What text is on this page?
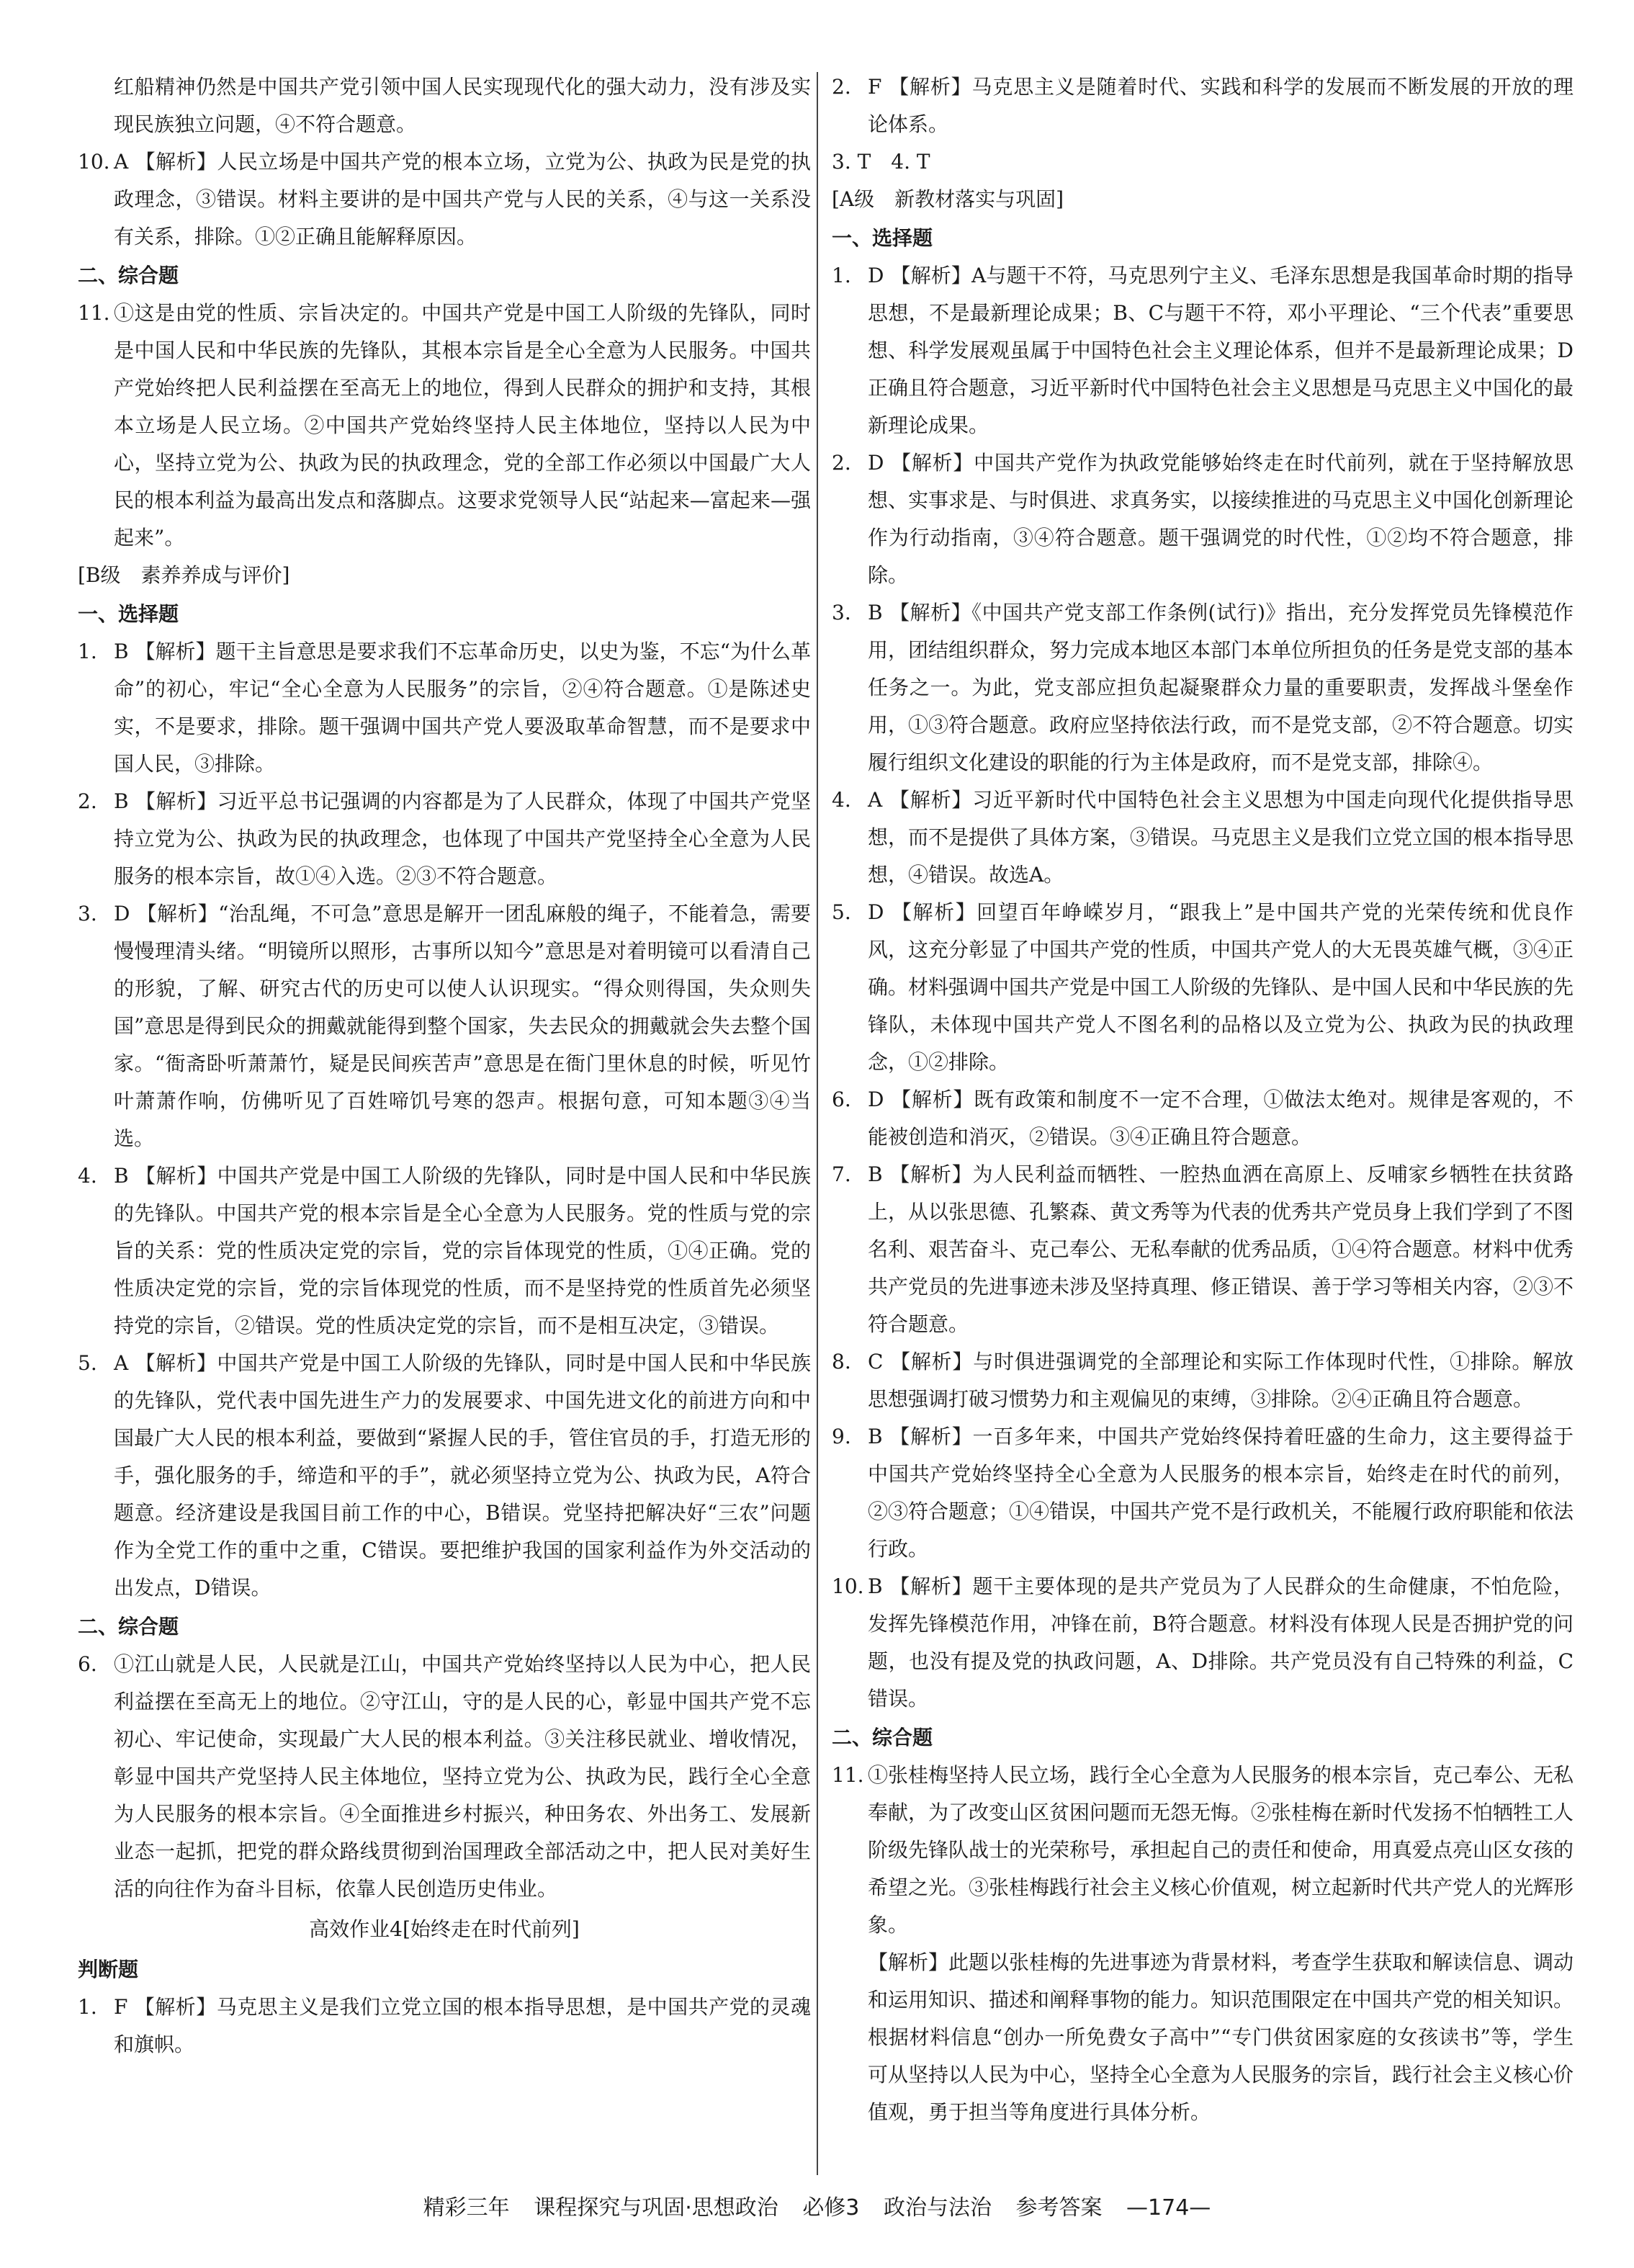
红船精神仍然是中国共产党引领中国人民实现现代化的强大动力，没有涉及实现民族独立问题，④不符合题意。
10. A 【解析】人民立场是中国共产党的根本立场，立党为公、执政为民是党的执政理念，③错误。材料主要讲的是中国共产党与人民的关系，④与这一关系没有关系，排除。①②正确且能解释原因。
二、综合题
11. ①这是由党的性质、宗旨决定的。中国共产党是中国工人阶级的先锋队，同时是中国人民和中华民族的先锋队，其根本宗旨是全心全意为人民服务。中国共产党始终把人民利益摆在至高无上的地位，得到人民群众的拥护和支持，其根本立场是人民立场。②中国共产党始终坚持人民主体地位，坚持以人民为中心，坚持立党为公、执政为民的执政理念，党的全部工作必须以中国最广大人民的根本利益为最高出发点和落脚点。这要求党领导人民“站起来—富起来—强起来”。
[B级　素养养成与评价]
一、选择题
1. B 【解析】题干主旨意思是要求我们不忘革命历史，以史为鉴，不忘“为什么革命”的初心，牢记“全心全意为人民服务”的宗旨，②④符合题意。①是陈述史实，不是要求，排除。题干强调中国共产党人要汲取革命智慧，而不是要求中国人民，③排除。
2. B 【解析】习近平总书记强调的内容都是为了人民群众，体现了中国共产党坚持立党为公、执政为民的执政理念，也体现了中国共产党坚持全心全意为人民服务的根本宗旨，故①④入选。②③不符合题意。
3. D 【解析】“治乱绳，不可急”意思是解开一团乱麻般的绳子，不能着急，需要慢慢理清头绪。“明镜所以照形，古事所以知今”意思是对着明镜可以看清自己的形貌，了解、研究古代的历史可以使人认识现实。“得众则得国，失众则失国”意思是得到民众的拥戴就能得到整个国家，失去民众的拥戴就会失去整个国家。“衙斋卧听萧萧竹，疑是民间疾苦声”意思是在衙门里休息的时候，听见竹叶萧萧作响，仿佛听见了百姓啼饥号寒的怨声。根据句意，可知本题③④当选。
4. B 【解析】中国共产党是中国工人阶级的先锋队，同时是中国人民和中华民族的先锋队。中国共产党的根本宗旨是全心全意为人民服务。党的性质与党的宗旨的关系：党的性质决定党的宗旨，党的宗旨体现党的性质，①④正确。党的性质决定党的宗旨，党的宗旨体现党的性质，而不是坚持党的性质首先必须坚持党的宗旨，②错误。党的性质决定党的宗旨，而不是相互决定，③错误。
5. A 【解析】中国共产党是中国工人阶级的先锋队，同时是中国人民和中华民族的先锋队，党代表中国先进生产力的发展要求、中国先进文化的前进方向和中国最广大人民的根本利益，要做到“紧握人民的手，管住官员的手，打造无形的手，强化服务的手，缔造和平的手”，就必须坚持立党为公、执政为民，A符合题意。经济建设是我国目前工作的中心，B错误。党坚持把解决好“三农”问题作为全党工作的重中之重，C错误。要把维护我国的国家利益作为外交活动的出发点，D错误。
二、综合题
6. ①江山就是人民，人民就是江山，中国共产党始终坚持以人民为中心，把人民利益摆在至高无上的地位。②守江山，守的是人民的心，彰显中国共产党不忘初心、牢记使命，实现最广大人民的根本利益。③关注移民就业、增收情况，彰显中国共产党坚持人民主体地位，坚持立党为公、执政为民，践行全心全意为人民服务的根本宗旨。④全面推进乡村振兴，种田务农、外出务工、发展新业态一起抓，把党的群众路线贯彻到治国理政全部活动之中，把人民对美好生活的向往作为奋斗目标，依靠人民创造历史伟业。
高效作业4[始终走在时代前列]
判断题
1. F 【解析】马克思主义是我们立党立国的根本指导思想，是中国共产党的灵魂和旗帜。
2. F 【解析】马克思主义是随着时代、实践和科学的发展而不断发展的开放的理论体系。
3. T　4. T
[A级　新教材落实与巩固]
一、选择题
1. D 【解析】A与题干不符，马克思列宁主义、毛泽东思想是我国革命时期的指导思想，不是最新理论成果；B、C与题干不符，邓小平理论、“三个代表”重要思想、科学发展观虽属于中国特色社会主义理论体系，但并不是最新理论成果；D正确且符合题意，习近平新时代中国特色社会主义思想是马克思主义中国化的最新理论成果。
2. D 【解析】中国共产党作为执政党能够始终走在时代前列，就在于坚持解放思想、实事求是、与时俱进、求真务实，以接续推进的马克思主义中国化创新理论作为行动指南，③④符合题意。题干强调党的时代性，①②均不符合题意，排除。
3. B 【解析】《中国共产党支部工作条例(试行)》指出，充分发挥党员先锋模范作用，团结组织群众，努力完成本地区本部门本单位所担负的任务是党支部的基本任务之一。为此，党支部应担负起凝聚群众力量的重要职责，发挥战斗堡垒作用，①③符合题意。政府应坚持依法行政，而不是党支部，②不符合题意。切实履行组织文化建设的职能的行为主体是政府，而不是党支部，排除④。
4. A 【解析】习近平新时代中国特色社会主义思想为中国走向现代化提供指导思想，而不是提供了具体方案，③错误。马克思主义是我们立党立国的根本指导思想，④错误。故选A。
5. D 【解析】回望百年峥嵘岁月，“跟我上”是中国共产党的光荣传统和优良作风，这充分彰显了中国共产党的性质，中国共产党人的大无畏英雄气概，③④正确。材料强调中国共产党是中国工人阶级的先锋队、是中国人民和中华民族的先锋队，未体现中国共产党人不图名利的品格以及立党为公、执政为民的执政理念，①②排除。
6. D 【解析】既有政策和制度不一定不合理，①做法太绝对。规律是客观的，不能被创造和消灭，②错误。③④正确且符合题意。
7. B 【解析】为人民利益而牺牲、一腔热血洒在高原上、反哺家乡牺牲在扶贫路上，从以张思德、孔繁森、黄文秀等为代表的优秀共产党员身上我们学到了不图名利、艰苦奋斗、克己奉公、无私奉献的优秀品质，①④符合题意。材料中优秀共产党员的先进事迹未涉及坚持真理、修正错误、善于学习等相关内容，②③不符合题意。
8. C 【解析】与时俱进强调党的全部理论和实际工作体现时代性，①排除。解放思想强调打破习惯势力和主观偏见的束缚，③排除。②④正确且符合题意。
9. B 【解析】一百多年来，中国共产党始终保持着旺盛的生命力，这主要得益于中国共产党始终坚持全心全意为人民服务的根本宗旨，始终走在时代的前列，②③符合题意；①④错误，中国共产党不是行政机关，不能履行政府职能和依法行政。
10. B 【解析】题干主要体现的是共产党员为了人民群众的生命健康，不怕危险，发挥先锋模范作用，冲锋在前，B符合题意。材料没有体现人民是否拥护党的问题，也没有提及党的执政问题，A、D排除。共产党员没有自己特殊的利益，C错误。
二、综合题
11. ①张桂梅坚持人民立场，践行全心全意为人民服务的根本宗旨，克己奉公、无私奉献，为了改变山区贫困问题而无怨无悔。②张桂梅在新时代发扬不怕牺牲工人阶级先锋队战士的光荣称号，承担起自己的责任和使命，用真爱点亮山区女孩的希望之光。③张桂梅践行社会主义核心价值观，树立起新时代共产党人的光辉形象。
【解析】此题以张桂梅的先进事迹为背景材料，考查学生获取和解读信息、调动和运用知识、描述和阐释事物的能力。知识范围限定在中国共产党的相关知识。根据材料信息“创办一所免费女子高中”“专门供贫困家庭的女孩读书”等，学生可从坚持以人民为中心，坚持全心全意为人民服务的宗旨，践行社会主义核心价值观，勇于担当等角度进行具体分析。
精彩三年 课程探究与巩固·思想政治 必修3 政治与法治 参考答案 —174—
